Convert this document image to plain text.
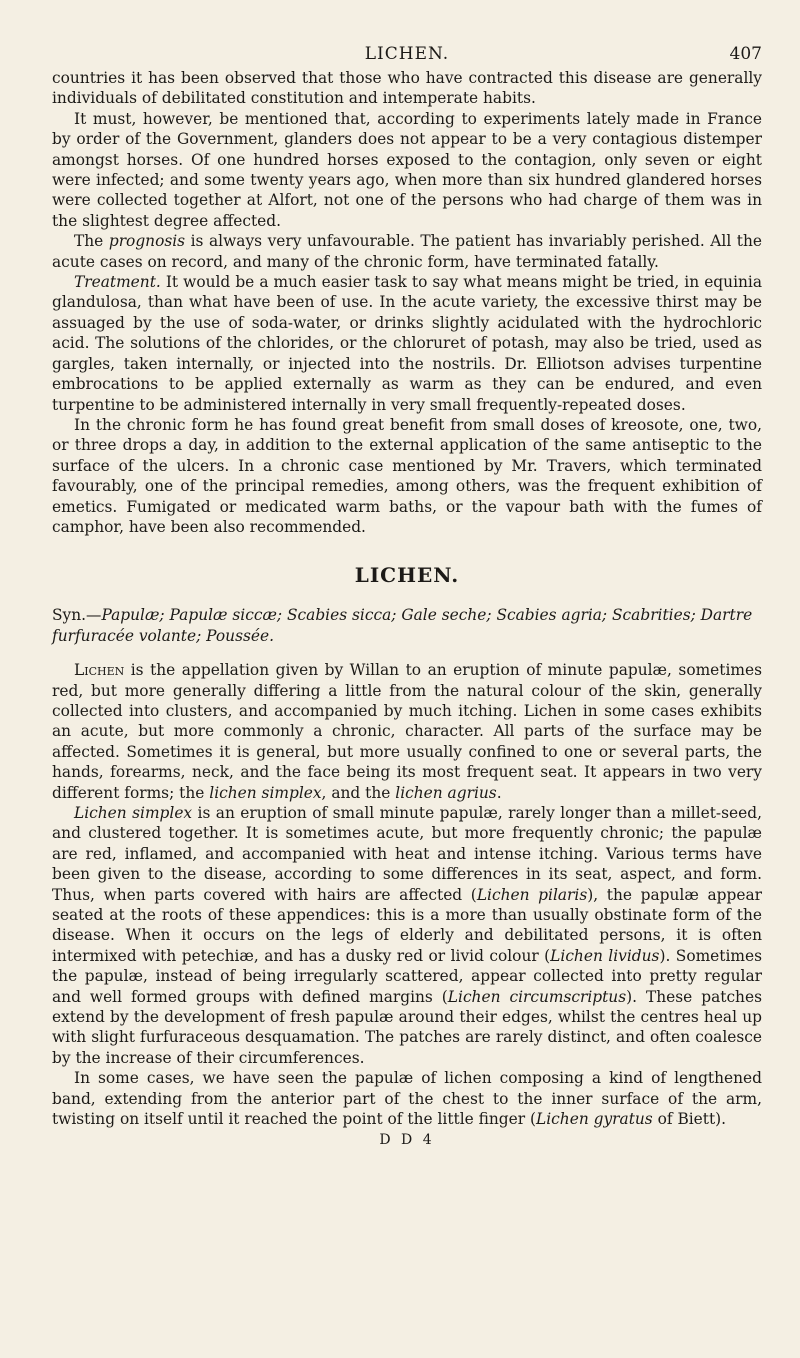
LICHEN.	407

countries it has been observed that those who have contracted this disease are generally individuals of debilitated constitution and intemperate habits.

It must, however, be mentioned that, according to experiments lately made in France by order of the Government, glanders does not appear to be a very contagious distemper amongst horses. Of one hundred horses exposed to the contagion, only seven or eight were infected; and some twenty years ago, when more than six hundred glandered horses were collected together at Alfort, not one of the persons who had charge of them was in the slightest degree affected.

The prognosis is always very unfavourable. The patient has invariably perished. All the acute cases on record, and many of the chronic form, have terminated fatally.

Treatment. It would be a much easier task to say what means might be tried, in equinia glandulosa, than what have been of use. In the acute variety, the excessive thirst may be assuaged by the use of soda-water, or drinks slightly acidulated with the hydrochloric acid. The solutions of the chlorides, or the chloruret of potash, may also be tried, used as gargles, taken internally, or injected into the nostrils. Dr. Elliotson advises turpentine embrocations to be applied externally as warm as they can be endured, and even turpentine to be administered internally in very small frequently-repeated doses.

In the chronic form he has found great benefit from small doses of kreosote, one, two, or three drops a day, in addition to the external application of the same antiseptic to the surface of the ulcers. In a chronic case mentioned by Mr. Travers, which terminated favourably, one of the principal remedies, among others, was the frequent exhibition of emetics. Fumigated or medicated warm baths, or the vapour bath with the fumes of camphor, have been also recommended.

LICHEN.

Syn.—Papulæ; Papulæ siccæ; Scabies sicca; Gale seche; Scabies agria; Scabrities; Dartre furfuracée volante; Poussée.

Lichen is the appellation given by Willan to an eruption of minute papulæ, sometimes red, but more generally differing a little from the natural colour of the skin, generally collected into clusters, and accompanied by much itching. Lichen in some cases exhibits an acute, but more commonly a chronic, character. All parts of the surface may be affected. Sometimes it is general, but more usually confined to one or several parts, the hands, forearms, neck, and the face being its most frequent seat. It appears in two very different forms; the lichen simplex, and the lichen agrius.

Lichen simplex is an eruption of small minute papulæ, rarely longer than a millet-seed, and clustered together. It is sometimes acute, but more frequently chronic; the papulæ are red, inflamed, and accompanied with heat and intense itching. Various terms have been given to the disease, according to some differences in its seat, aspect, and form. Thus, when parts covered with hairs are affected (Lichen pilaris), the papulæ appear seated at the roots of these appendices: this is a more than usually obstinate form of the disease. When it occurs on the legs of elderly and debilitated persons, it is often intermixed with petechiæ, and has a dusky red or livid colour (Lichen lividus). Sometimes the papulæ, instead of being irregularly scattered, appear collected into pretty regular and well formed groups with defined margins (Lichen circumscriptus). These patches extend by the development of fresh papulæ around their edges, whilst the centres heal up with slight furfuraceous desquamation. The patches are rarely distinct, and often coalesce by the increase of their circumferences.

In some cases, we have seen the papulæ of lichen composing a kind of lengthened band, extending from the anterior part of the chest to the inner surface of the arm, twisting on itself until it reached the point of the little finger (Lichen gyratus of Biett).

D D 4
